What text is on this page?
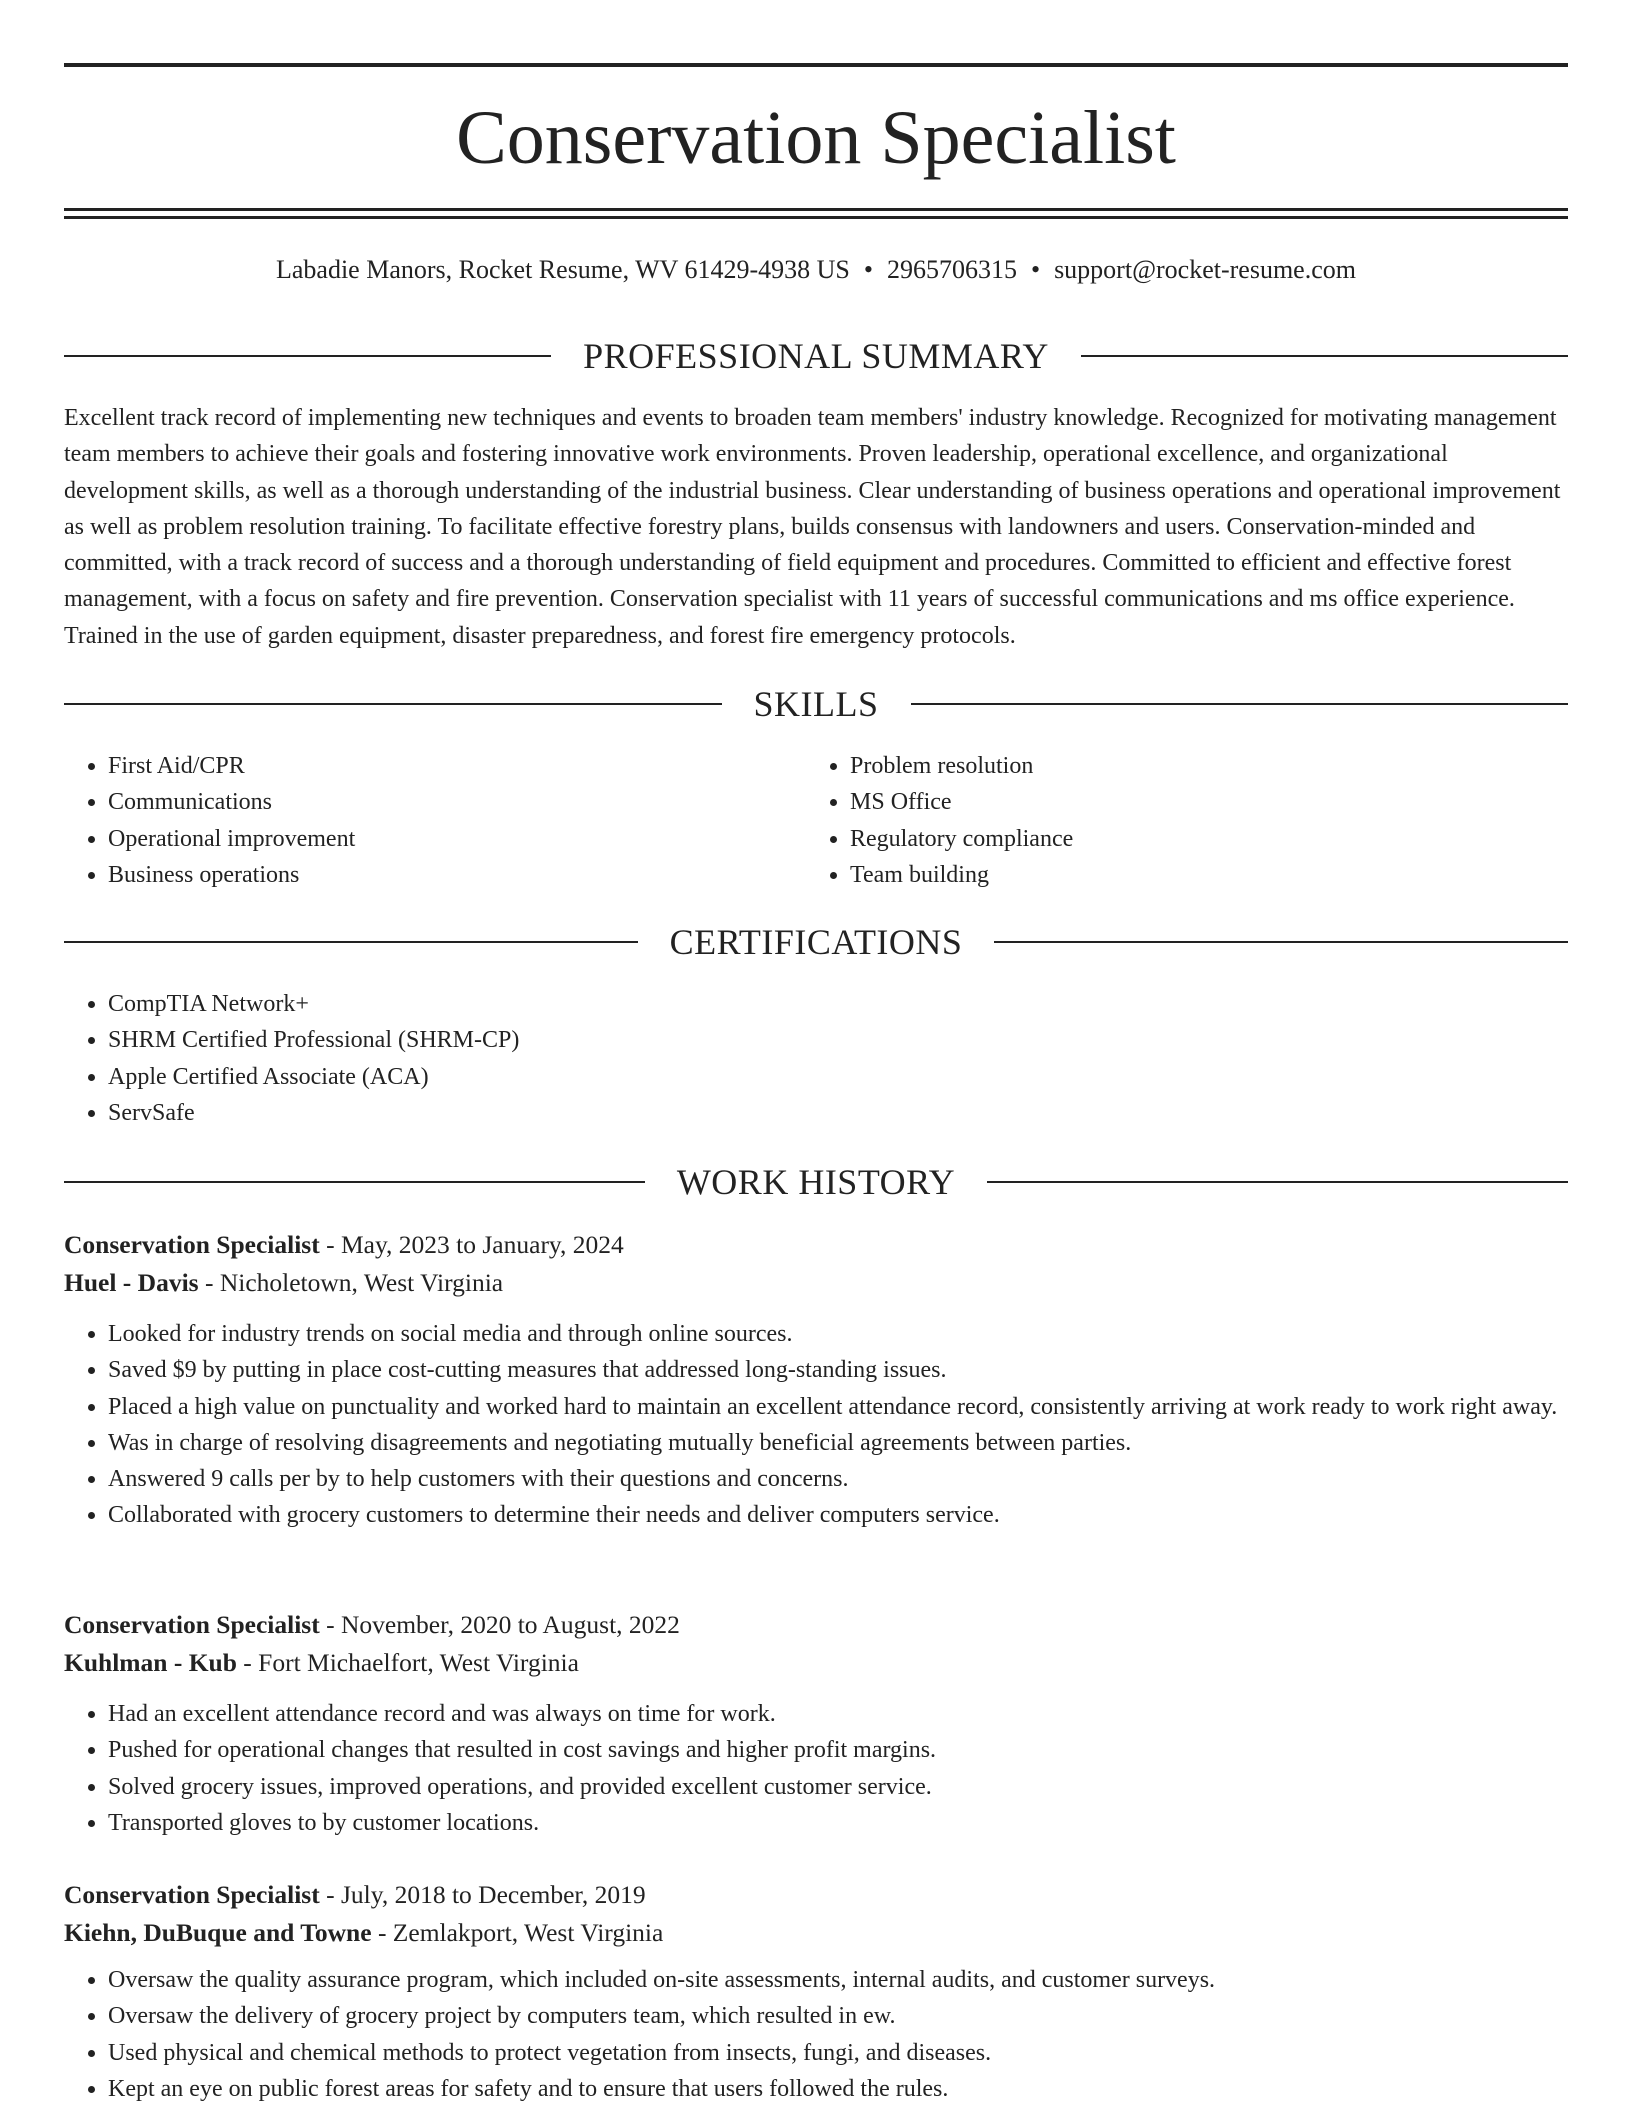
Conservation Specialist
Labadie Manors, Rocket Resume, WV 61429-4938 US • 2965706315 • support@rocket-resume.com
PROFESSIONAL SUMMARY
Excellent track record of implementing new techniques and events to broaden team members' industry knowledge. Recognized for motivating management team members to achieve their goals and fostering innovative work environments. Proven leadership, operational excellence, and organizational development skills, as well as a thorough understanding of the industrial business. Clear understanding of business operations and operational improvement as well as problem resolution training. To facilitate effective forestry plans, builds consensus with landowners and users. Conservation-minded and committed, with a track record of success and a thorough understanding of field equipment and procedures. Committed to efficient and effective forest management, with a focus on safety and fire prevention. Conservation specialist with 11 years of successful communications and ms office experience. Trained in the use of garden equipment, disaster preparedness, and forest fire emergency protocols.
SKILLS
• First Aid/CPR
• Communications
• Operational improvement
• Business operations
• Problem resolution
• MS Office
• Regulatory compliance
• Team building
CERTIFICATIONS
• CompTIA Network+
• SHRM Certified Professional (SHRM-CP)
• Apple Certified Associate (ACA)
• ServSafe
WORK HISTORY
Conservation Specialist - May, 2023 to January, 2024
Huel - Davis - Nicholetown, West Virginia
• Looked for industry trends on social media and through online sources.
• Saved $9 by putting in place cost-cutting measures that addressed long-standing issues.
• Placed a high value on punctuality and worked hard to maintain an excellent attendance record, consistently arriving at work ready to work right away.
• Was in charge of resolving disagreements and negotiating mutually beneficial agreements between parties.
• Answered 9 calls per by to help customers with their questions and concerns.
• Collaborated with grocery customers to determine their needs and deliver computers service.
Conservation Specialist - November, 2020 to August, 2022
Kuhlman - Kub - Fort Michaelfort, West Virginia
• Had an excellent attendance record and was always on time for work.
• Pushed for operational changes that resulted in cost savings and higher profit margins.
• Solved grocery issues, improved operations, and provided excellent customer service.
• Transported gloves to by customer locations.
Conservation Specialist - July, 2018 to December, 2019
Kiehn, DuBuque and Towne - Zemlakport, West Virginia
• Oversaw the quality assurance program, which included on-site assessments, internal audits, and customer surveys.
• Oversaw the delivery of grocery project by computers team, which resulted in ew.
• Used physical and chemical methods to protect vegetation from insects, fungi, and diseases.
• Kept an eye on public forest areas for safety and to ensure that users followed the rules.
